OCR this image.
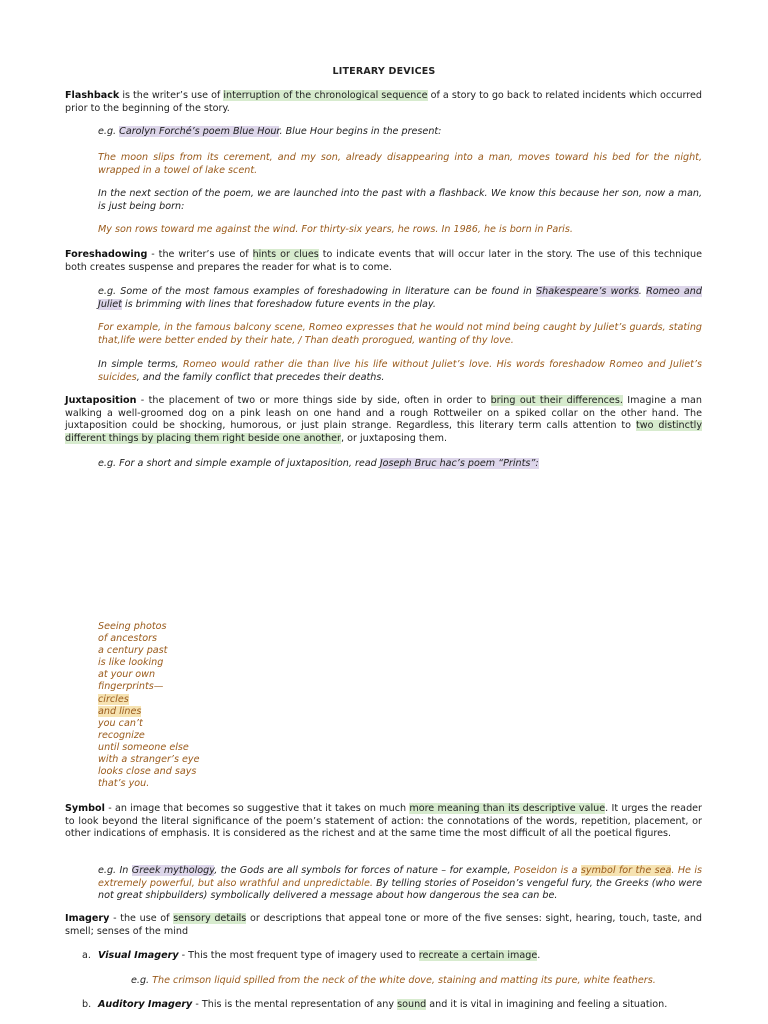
LITERARY DEVICES
Flashback is the writer’s use of interruption of the chronological sequence of a story to go back to related incidents which occurred prior to the beginning of the story.
e.g. Carolyn Forché’s poem Blue Hour. Blue Hour begins in the present:
The moon slips from its cerement, and my son, already disappearing into a man, moves toward his bed for the night, wrapped in a towel of lake scent.
In the next section of the poem, we are launched into the past with a flashback. We know this because her son, now a man, is just being born:
My son rows toward me against the wind. For thirty-six years, he rows. In 1986, he is born in Paris.
Foreshadowing - the writer’s use of hints or clues to indicate events that will occur later in the story. The use of this technique both creates suspense and prepares the reader for what is to come.
e.g. Some of the most famous examples of foreshadowing in literature can be found in Shakespeare’s works. Romeo and Juliet is brimming with lines that foreshadow future events in the play.
For example, in the famous balcony scene, Romeo expresses that he would not mind being caught by Juliet’s guards, stating that,life were better ended by their hate, / Than death prorogued, wanting of thy love.
In simple terms, Romeo would rather die than live his life without Juliet’s love. His words foreshadow Romeo and Juliet’s suicides, and the family conflict that precedes their deaths.
Juxtaposition - the placement of two or more things side by side, often in order to bring out their differences. Imagine a man walking a well-groomed dog on a pink leash on one hand and a rough Rottweiler on a spiked collar on the other hand. The juxtaposition could be shocking, humorous, or just plain strange. Regardless, this literary term calls attention to two distinctly different things by placing them right beside one another, or juxtaposing them.
e.g. For a short and simple example of juxtaposition, read Joseph Bruc hac’s poem “Prints”:
Seeing photos
of ancestors
a century past
is like looking
at your own
fingerprints—
circles
and lines
you can’t
recognize
until someone else
with a stranger’s eye
looks close and says
that’s you.
Symbol - an image that becomes so suggestive that it takes on much more meaning than its descriptive value. It urges the reader to look beyond the literal significance of the poem’s statement of action: the connotations of the words, repetition, placement, or other indications of emphasis. It is considered as the richest and at the same time the most difficult of all the poetical figures.
e.g. In Greek mythology, the Gods are all symbols for forces of nature – for example, Poseidon is a symbol for the sea. He is extremely powerful, but also wrathful and unpredictable. By telling stories of Poseidon’s vengeful fury, the Greeks (who were not great shipbuilders) symbolically delivered a message about how dangerous the sea can be.
Imagery - the use of sensory details or descriptions that appeal tone or more of the five senses: sight, hearing, touch, taste, and smell; senses of the mind
a. Visual Imagery - This the most frequent type of imagery used to recreate a certain image.
e.g. The crimson liquid spilled from the neck of the white dove, staining and matting its pure, white feathers.
b. Auditory Imagery - This is the mental representation of any sound and it is vital in imagining and feeling a situation.
